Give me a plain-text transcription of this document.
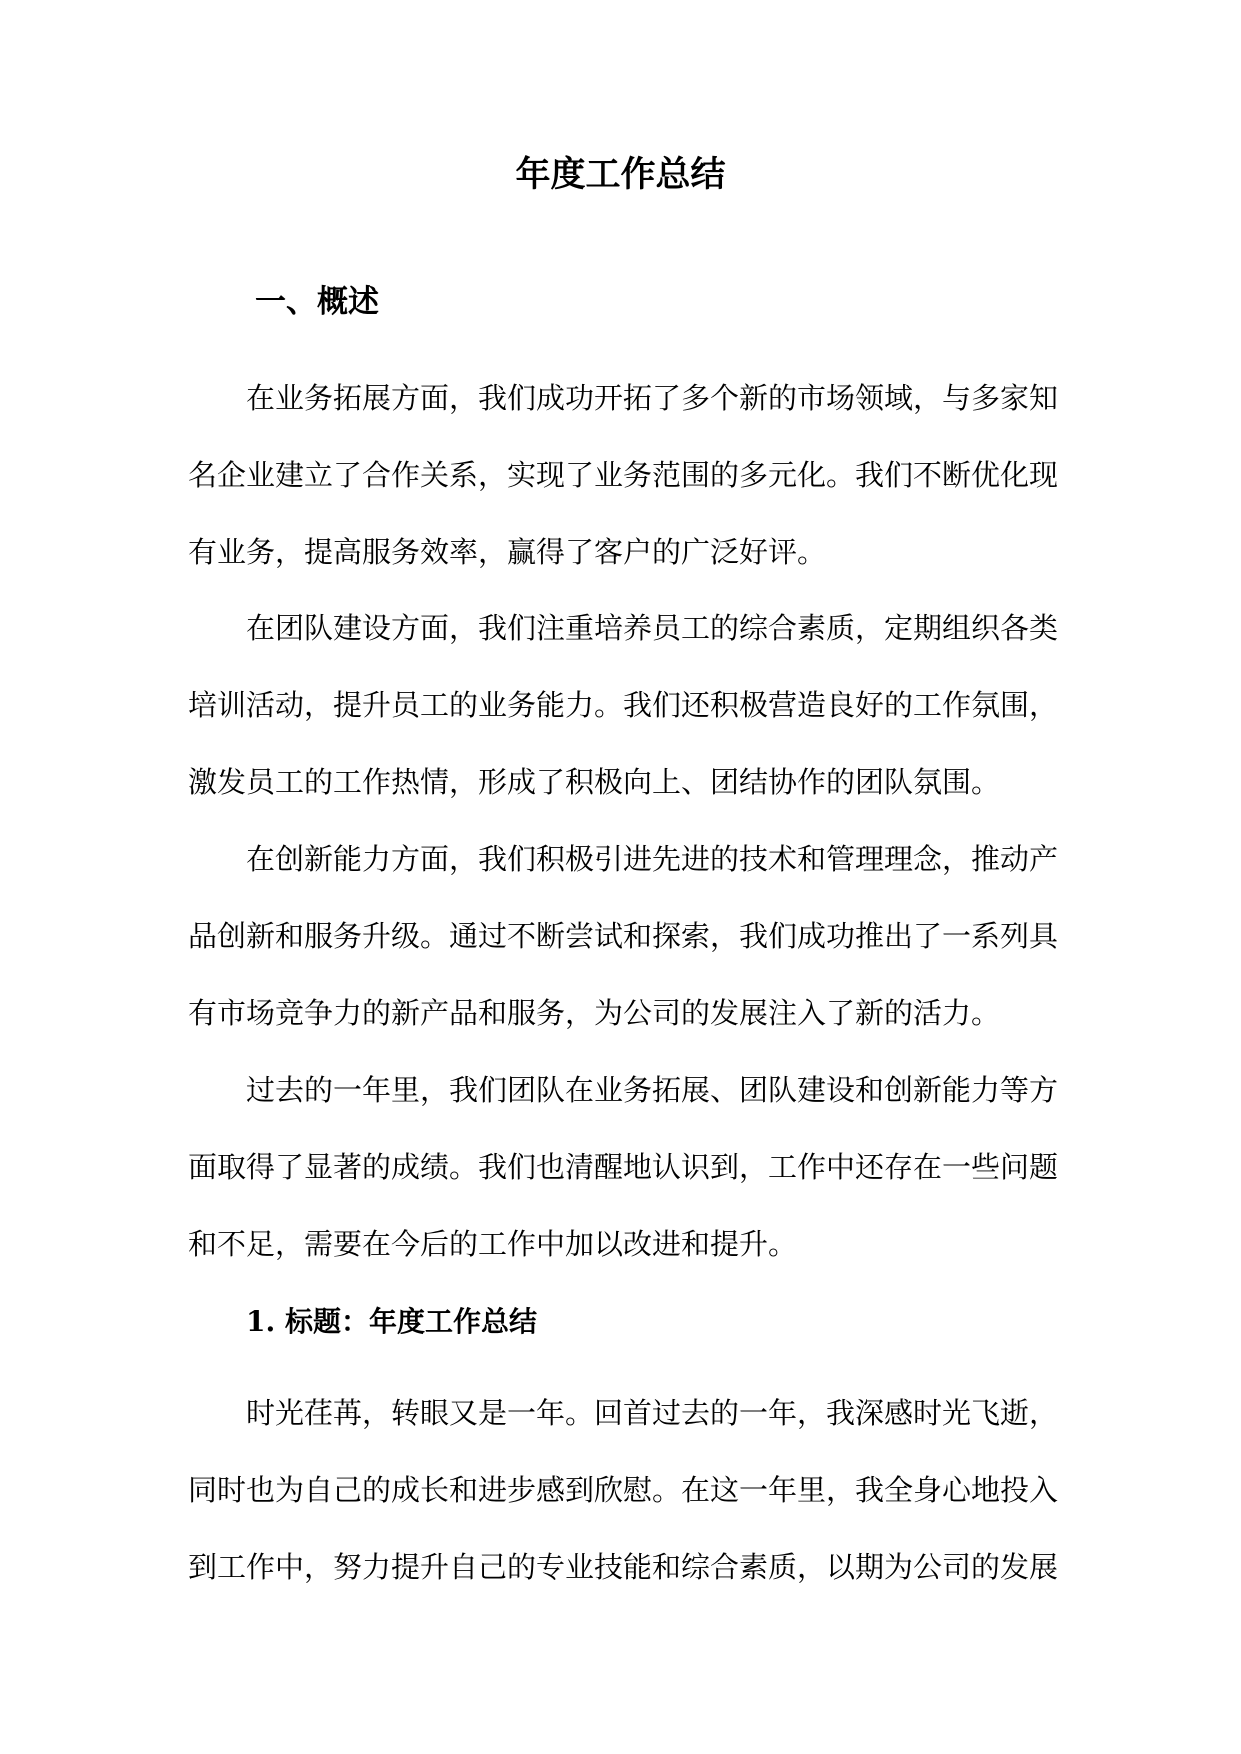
年度工作总结
一、概述

在业务拓展方面，我们成功开拓了多个新的市场领域，与多家知名企业建立了合作关系，实现了业务范围的多元化。我们不断优化现有业务，提高服务效率，赢得了客户的广泛好评。

在团队建设方面，我们注重培养员工的综合素质，定期组织各类培训活动，提升员工的业务能力。我们还积极营造良好的工作氛围，激发员工的工作热情，形成了积极向上、团结协作的团队氛围。

在创新能力方面，我们积极引进先进的技术和管理理念，推动产品创新和服务升级。通过不断尝试和探索，我们成功推出了一系列具有市场竞争力的新产品和服务，为公司的发展注入了新的活力。

过去的一年里，我们团队在业务拓展、团队建设和创新能力等方面取得了显著的成绩。我们也清醒地认识到，工作中还存在一些问题和不足，需要在今后的工作中加以改进和提升。

1. 标题：年度工作总结

时光荏苒，转眼又是一年。回首过去的一年，我深感时光飞逝，同时也为自己的成长和进步感到欣慰。在这一年里，我全身心地投入到工作中，努力提升自己的专业技能和综合素质，以期为公司的发展
